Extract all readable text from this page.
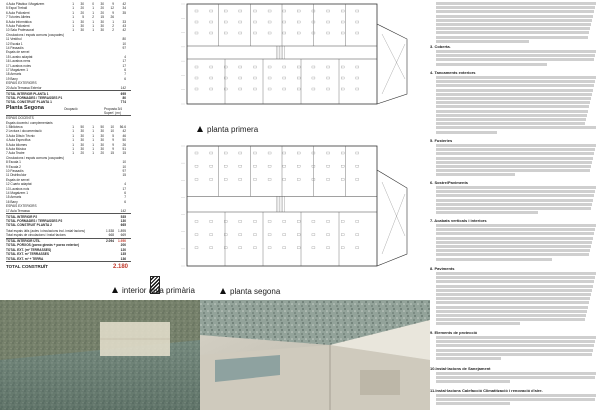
4 Aula Plàstica i Magatzem	1	30	0	30	9	42
5 Espai Treball	1	20	1	20	12	34
6 Aula Polivalent	1	20	1	20	9	35
7 Tutories Alletes	1	5	2	15	26
8 Aula Informàtica	1	30	1	30	1	33
9 Aula Polivalent	1	30	1	30	2	43
10 Sala Professorat	1	30	1	30	2	42
Circulacions i espais comuns (ocupades)
11 Vestíbul	80
12 Escala 1	10
14 Passadís	97
Espais de servei
15 Lavabo adaptat	4
16 Lavabos nens	17
17 Lavabos noies	17
17 Magatzem 1	6
18 Armaris	7
19 Bany	6
ESPAIS EXTERIORS
20 Aula Terrassa Exterior	142
TOTAL INTERIOR PLANTA 1	695
TOTAL FORMADES / TERRASSES P1	80
TOTAL CONSTRUIT PLANTA 1	774
Planta Segona	Ocupació	Proposta 3/4
Superf. (m²)
ESPAIS DOCENTS
Espais docents i complementaris
1 Biblioteca	1	50	1	50	10	56.6
2 Lectura i documentació	1	30	1	30	10	42
3 Aula Dibuix Tècnic	1	30	1	30	5	46
4 Aula Específica	1	30	1	30	9	50
5 Aula Idiomes	1	30	1	30	9	26
6 Aula Música	1	30	1	30	9	51
7 Aula Teatre	1	20	1	20	15	15
Circulacions i espais comuns (ocupades)
8 Escala 1	10
9 Escala 2	10
10 Passadís	97
11 Distribuïdor	15
Espais de servei
12 Cuarto adaptat	4
13 Lavabos nois	17
14 Magatzem 1	6
15 Armaris	7
16 Bany	6
ESPAIS EXTERIORS
17 Aula Terrassa	142
TOTAL INTERIOR P2	535
TOTAL FORMADES / TERRASSES P2	130
TOTAL CONSTRUIT PLANTA 2	665
Total espais útils (aules i circulacions incl. instal·lacions)	1.538 1.895
Total espais de circulacions i instal·lacions	668	669
TOTAL INTERIOR ÚTIL	2.094 1.950
TOTAL PORXOS (porxo ginnàs + porxo exterior)	200
TOTAL EXT. (m² TERRASSES)	120
TOTAL EXT. m² TERRASSES	135
TOTAL EXT. m² + TERRA	136
TOTAL CONSTRUÏT	2.180
planta primera
planta segona
interior aula primària
3. Coberta.
4. Tancaments exteriors
5. Fusteries
6. Sostre/Paviments
7. Acabats verticals i interiors
8. Paviments
9. Elements de protecció
10.Instal·lacions de Sanejament
11.Instal·lacions Calefacció Climatització i renovació d'aire.
